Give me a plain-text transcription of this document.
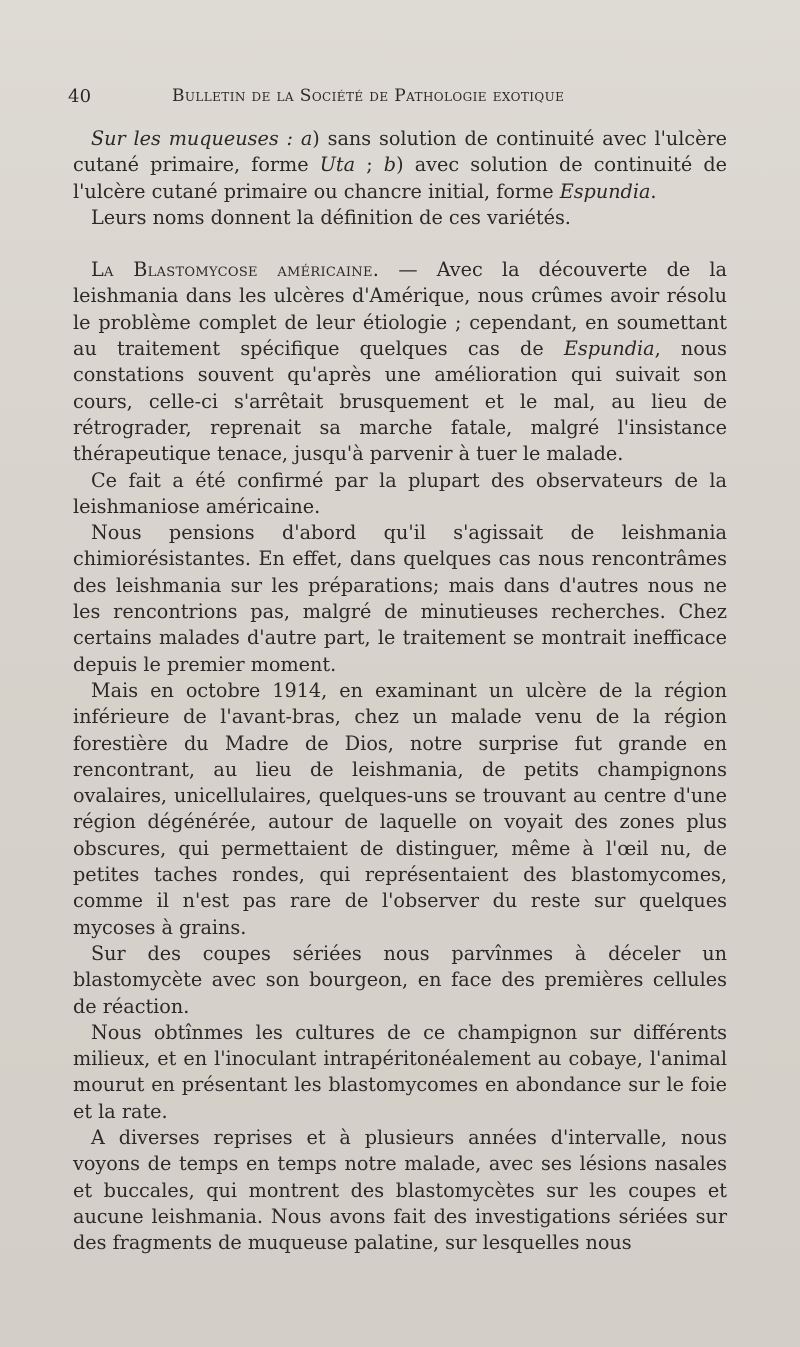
40	Bulletin de la Société de Pathologie exotique

Sur les muqueuses : a) sans solution de continuité avec l'ulcère cutané primaire, forme Uta ; b) avec solution de continuité de l'ulcère cutané primaire ou chancre initial, forme Espundia.

Leurs noms donnent la définition de ces variétés.

La Blastomycose américaine. — Avec la découverte de la leishmania dans les ulcères d'Amérique, nous crûmes avoir résolu le problème complet de leur étiologie ; cependant, en soumettant au traitement spécifique quelques cas de Espundia, nous constations souvent qu'après une amélioration qui suivait son cours, celle-ci s'arrêtait brusquement et le mal, au lieu de rétrograder, reprenait sa marche fatale, malgré l'insistance thérapeutique tenace, jusqu'à parvenir à tuer le malade.

Ce fait a été confirmé par la plupart des observateurs de la leishmaniose américaine.

Nous pensions d'abord qu'il s'agissait de leishmania chimiorésistantes. En effet, dans quelques cas nous rencontrâmes des leishmania sur les préparations; mais dans d'autres nous ne les rencontrions pas, malgré de minutieuses recherches. Chez certains malades d'autre part, le traitement se montrait inefficace depuis le premier moment.

Mais en octobre 1914, en examinant un ulcère de la région inférieure de l'avant-bras, chez un malade venu de la région forestière du Madre de Dios, notre surprise fut grande en rencontrant, au lieu de leishmania, de petits champignons ovalaires, unicellulaires, quelques-uns se trouvant au centre d'une région dégénérée, autour de laquelle on voyait des zones plus obscures, qui permettaient de distinguer, même à l'œil nu, de petites taches rondes, qui représentaient des blastomycomes, comme il n'est pas rare de l'observer du reste sur quelques mycoses à grains.

Sur des coupes sériées nous parvînmes à déceler un blastomycète avec son bourgeon, en face des premières cellules de réaction.

Nous obtînmes les cultures de ce champignon sur différents milieux, et en l'inoculant intrapéritonéalement au cobaye, l'animal mourut en présentant les blastomycomes en abondance sur le foie et la rate.

A diverses reprises et à plusieurs années d'intervalle, nous voyons de temps en temps notre malade, avec ses lésions nasales et buccales, qui montrent des blastomycètes sur les coupes et aucune leishmania. Nous avons fait des investigations sériées sur des fragments de muqueuse palatine, sur lesquelles nous
